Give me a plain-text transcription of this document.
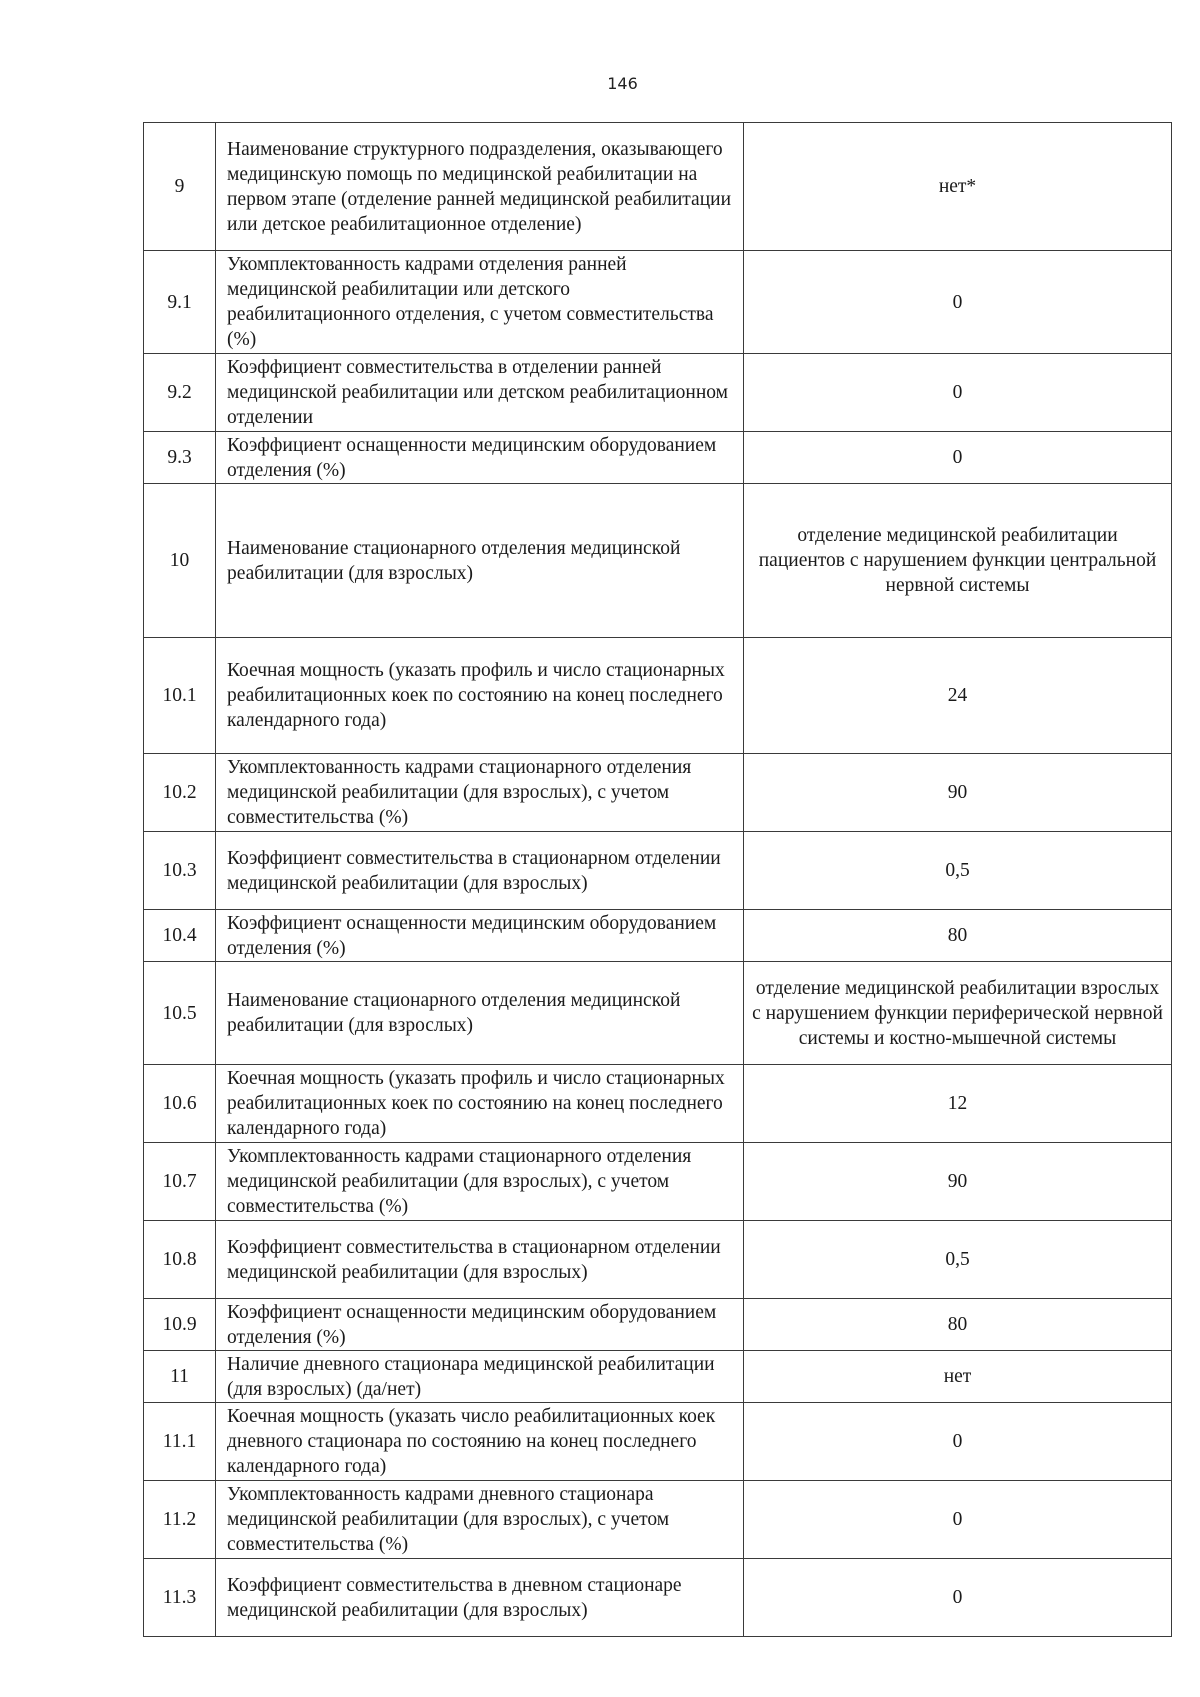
146
9	Наименование структурного подразделения, оказывающего медицинскую помощь по медицинской реабилитации на первом этапе (отделение ранней медицинской реабилитации или детское реабилитационное отделение)	нет*
9.1	Укомплектованность кадрами отделения ранней медицинской реабилитации или детского реабилитационного отделения, с учетом совместительства (%)	0
9.2	Коэффициент совместительства в отделении ранней медицинской реабилитации или детском реабилитационном отделении	0
9.3	Коэффициент оснащенности медицинским оборудованием отделения (%)	0
10	Наименование стационарного отделения медицинской реабилитации (для взрослых)	отделение медицинской реабилитации пациентов с нарушением функции центральной нервной системы
10.1	Коечная мощность (указать профиль и число стационарных реабилитационных коек по состоянию на конец последнего календарного года)	24
10.2	Укомплектованность кадрами стационарного отделения медицинской реабилитации (для взрослых), с учетом совместительства (%)	90
10.3	Коэффициент совместительства в стационарном отделении медицинской реабилитации (для взрослых)	0,5
10.4	Коэффициент оснащенности медицинским оборудованием отделения (%)	80
10.5	Наименование стационарного отделения медицинской реабилитации (для взрослых)	отделение медицинской реабилитации взрослых с нарушением функции периферической нервной системы и костно-мышечной системы
10.6	Коечная мощность (указать профиль и число стационарных реабилитационных коек по состоянию на конец последнего календарного года)	12
10.7	Укомплектованность кадрами стационарного отделения медицинской реабилитации (для взрослых), с учетом совместительства (%)	90
10.8	Коэффициент совместительства в стационарном отделении медицинской реабилитации (для взрослых)	0,5
10.9	Коэффициент оснащенности медицинским оборудованием отделения (%)	80
11	Наличие дневного стационара медицинской реабилитации (для взрослых) (да/нет)	нет
11.1	Коечная мощность (указать число реабилитационных коек дневного стационара по состоянию на конец последнего календарного года)	0
11.2	Укомплектованность кадрами дневного стационара медицинской реабилитации (для взрослых), с учетом совместительства (%)	0
11.3	Коэффициент совместительства в дневном стационаре медицинской реабилитации (для взрослых)	0
